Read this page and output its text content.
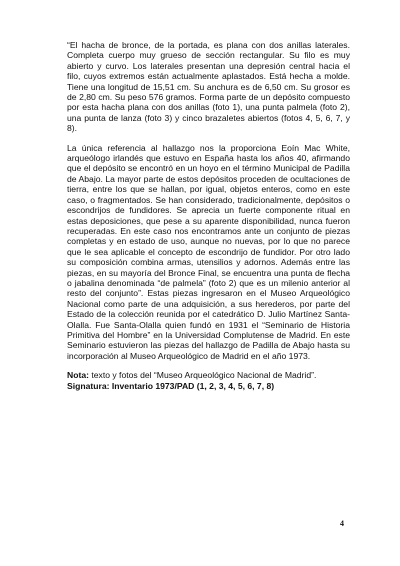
“El hacha de bronce, de la portada, es plana con dos anillas laterales. Completa cuerpo muy grueso de sección rectangular. Su filo es muy abierto y curvo. Los laterales presentan una depresión central hacia el filo, cuyos extremos están actualmente aplastados. Está hecha a molde. Tiene una longitud de 15,51 cm. Su anchura es de 6,50 cm. Su grosor es de 2,80 cm. Su peso 576 gramos. Forma parte de un depósito compuesto por esta hacha plana con dos anillas (foto 1), una punta palmela (foto 2), una punta de lanza (foto 3) y cinco brazaletes abiertos (fotos 4, 5, 6, 7, y 8).

La única referencia al hallazgo nos la proporciona Eoín Mac White, arqueólogo irlandés que estuvo en España hasta los años 40, afirmando que el depósito se encontró en un hoyo en el término Municipal de Padilla de Abajo. La mayor parte de estos depósitos proceden de ocultaciones de tierra, entre los que se hallan, por igual, objetos enteros, como en este caso, o fragmentados. Se han considerado, tradicionalmente, depósitos o escondrijos de fundidores. Se aprecia un fuerte componente ritual en estas deposiciones, que pese a su aparente disponibilidad, nunca fueron recuperadas. En este caso nos encontramos ante un conjunto de piezas completas y en estado de uso, aunque no nuevas, por lo que no parece que le sea aplicable el concepto de escondrijo de fundidor. Por otro lado su composición combina armas, utensilios y adornos. Además entre las piezas, en su mayoría del Bronce Final, se encuentra una punta de flecha o jabalina denominada “de palmela” (foto 2) que es un milenio anterior al resto del conjunto”. Estas piezas ingresaron en el Museo Arqueológico Nacional como parte de una adquisición, a sus herederos, por parte del Estado de la colección reunida por el catedrático D. Julio Martínez Santa-Olalla. Fue Santa-Olalla quien fundó en 1931 el “Seminario de Historia Primitiva del Hombre” en la Universidad Complutense de Madrid. En este Seminario estuvieron las piezas del hallazgo de Padilla de Abajo hasta su incorporación al Museo Arqueológico de Madrid en el año 1973.

Nota: texto y fotos del “Museo Arqueológico Nacional de Madrid”.

Signatura: Inventario 1973/PAD (1, 2, 3, 4, 5, 6, 7, 8)

4
